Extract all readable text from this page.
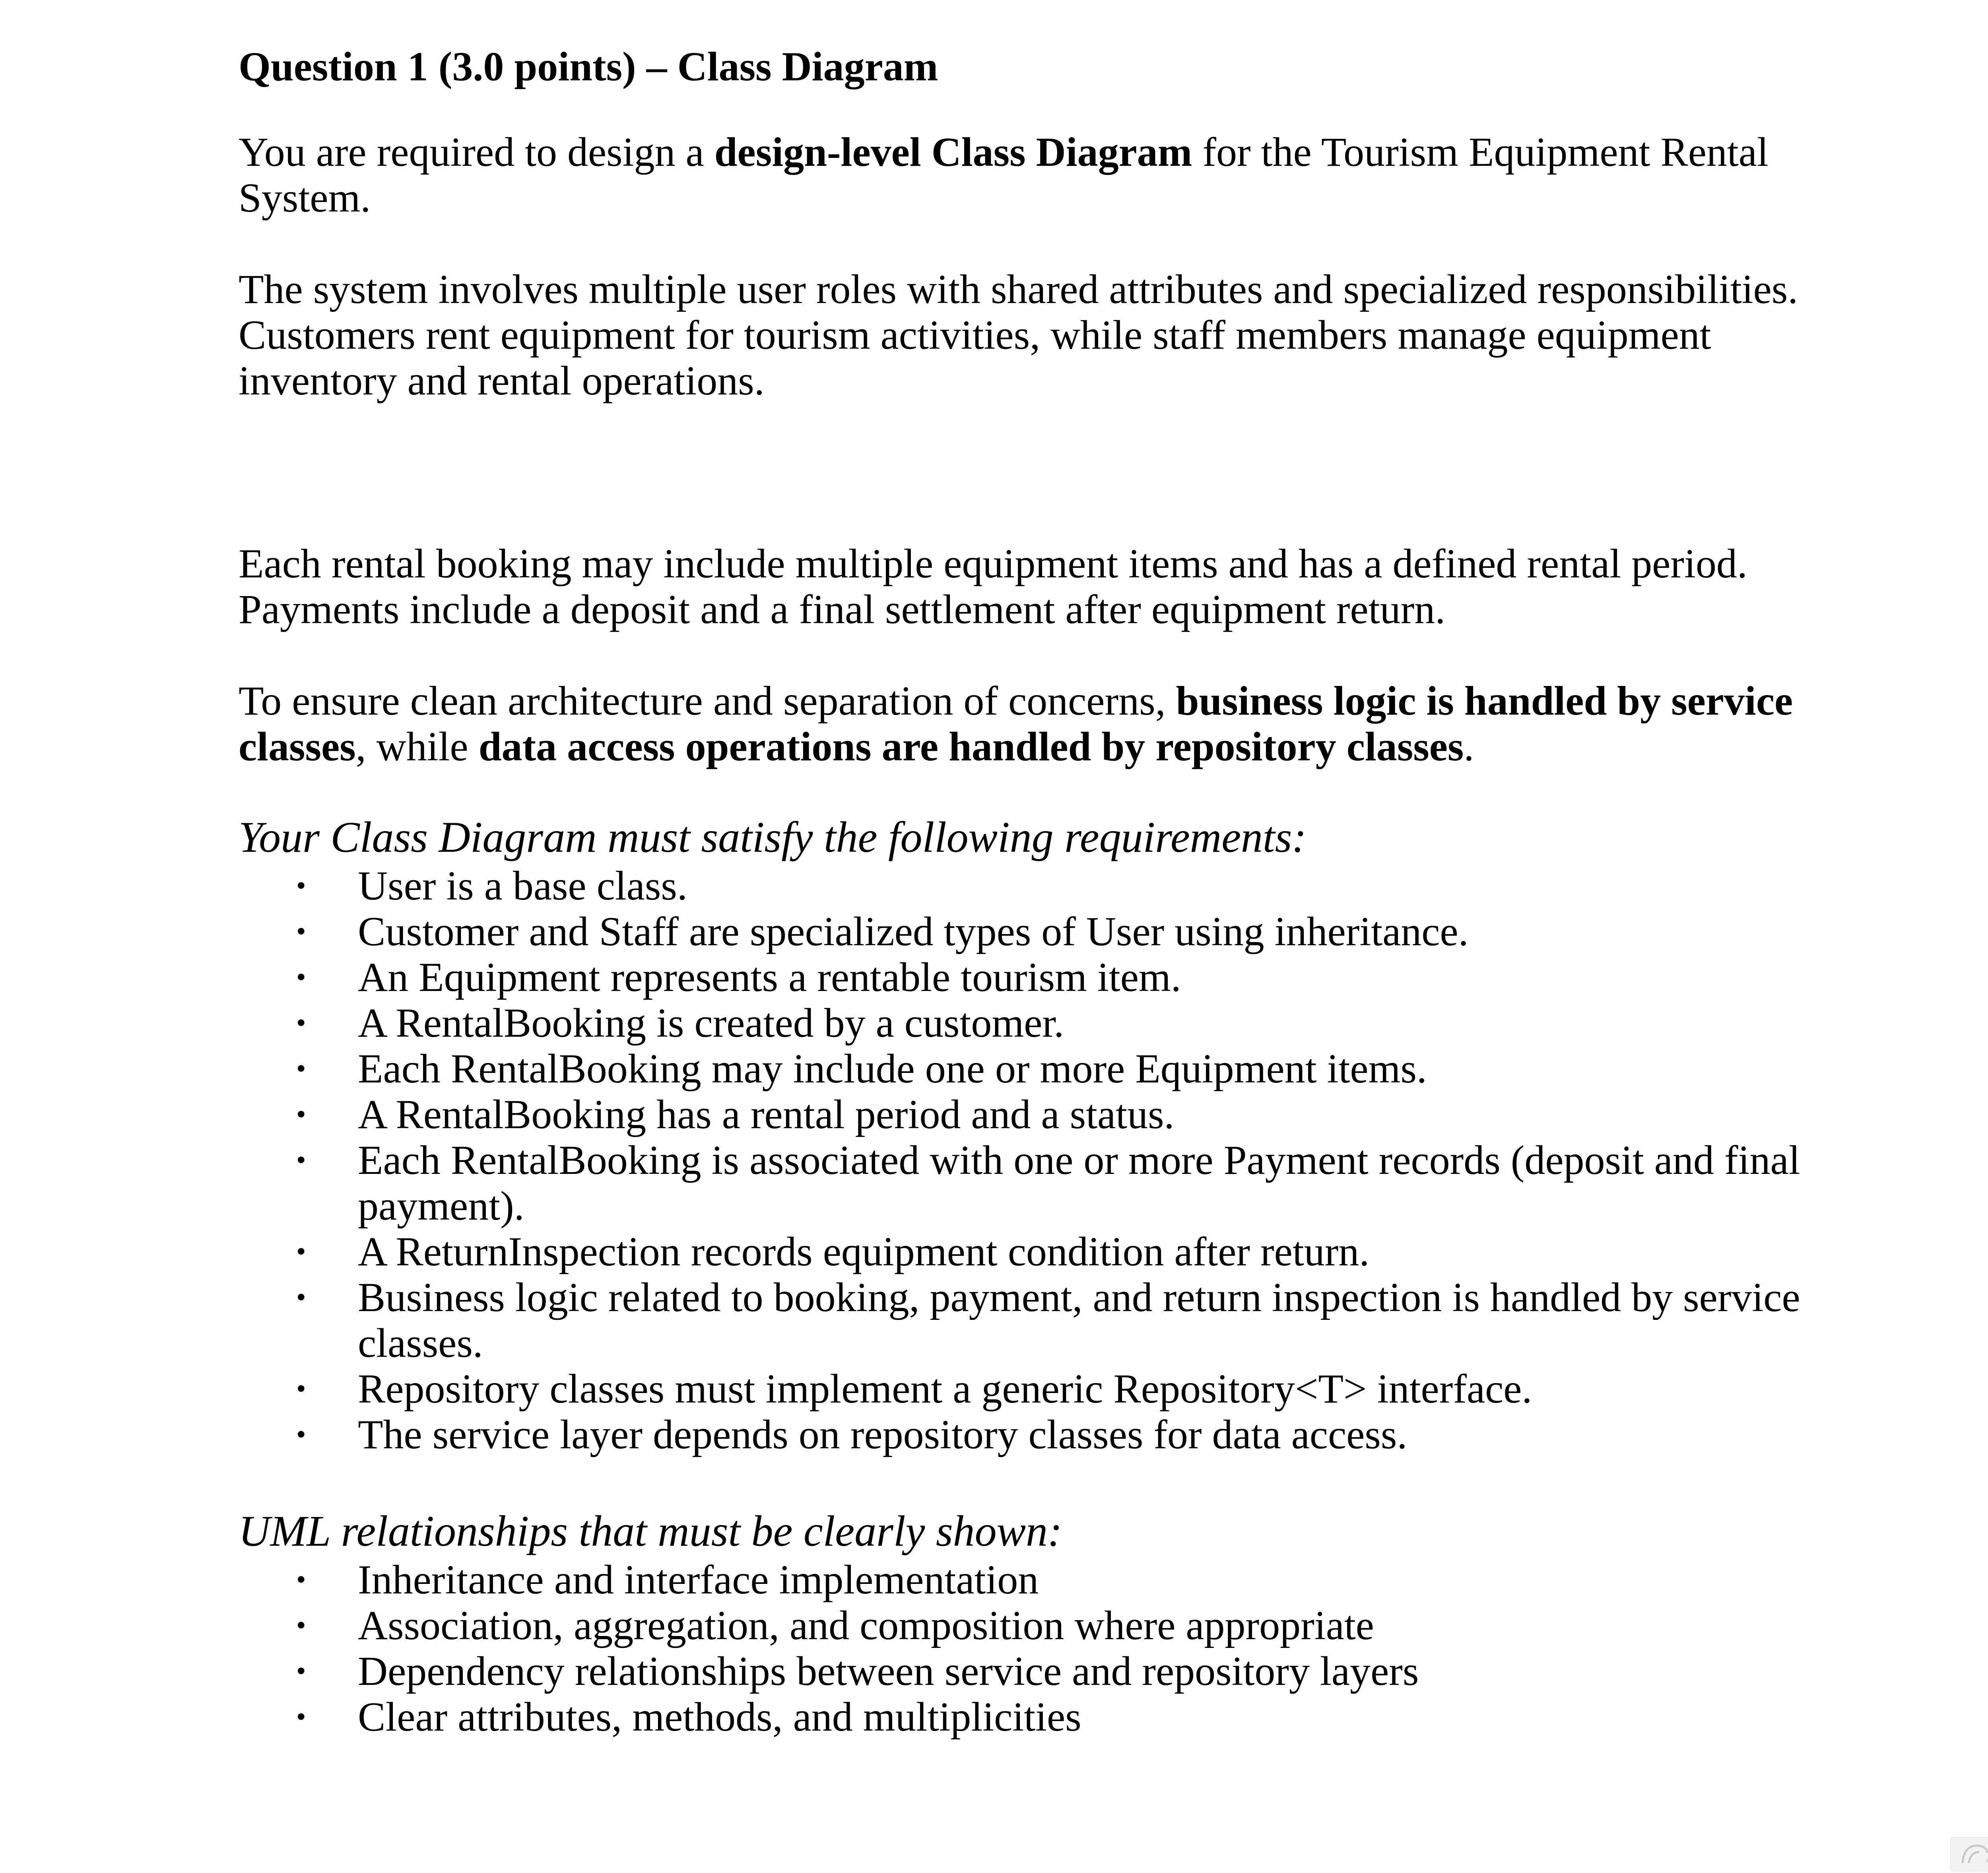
Question 1 (3.0 points) – Class Diagram

You are required to design a design-level Class Diagram for the Tourism Equipment Rental System.

The system involves multiple user roles with shared attributes and specialized responsibilities. Customers rent equipment for tourism activities, while staff members manage equipment inventory and rental operations.

Each rental booking may include multiple equipment items and has a defined rental period. Payments include a deposit and a final settlement after equipment return.

To ensure clean architecture and separation of concerns, business logic is handled by service classes, while data access operations are handled by repository classes.

Your Class Diagram must satisfy the following requirements:

• User is a base class.
• Customer and Staff are specialized types of User using inheritance.
• An Equipment represents a rentable tourism item.
• A RentalBooking is created by a customer.
• Each RentalBooking may include one or more Equipment items.
• A RentalBooking has a rental period and a status.
• Each RentalBooking is associated with one or more Payment records (deposit and final payment).
• A ReturnInspection records equipment condition after return.
• Business logic related to booking, payment, and return inspection is handled by service classes.
• Repository classes must implement a generic Repository<T> interface.
• The service layer depends on repository classes for data access.

UML relationships that must be clearly shown:

• Inheritance and interface implementation
• Association, aggregation, and composition where appropriate
• Dependency relationships between service and repository layers
• Clear attributes, methods, and multiplicities
